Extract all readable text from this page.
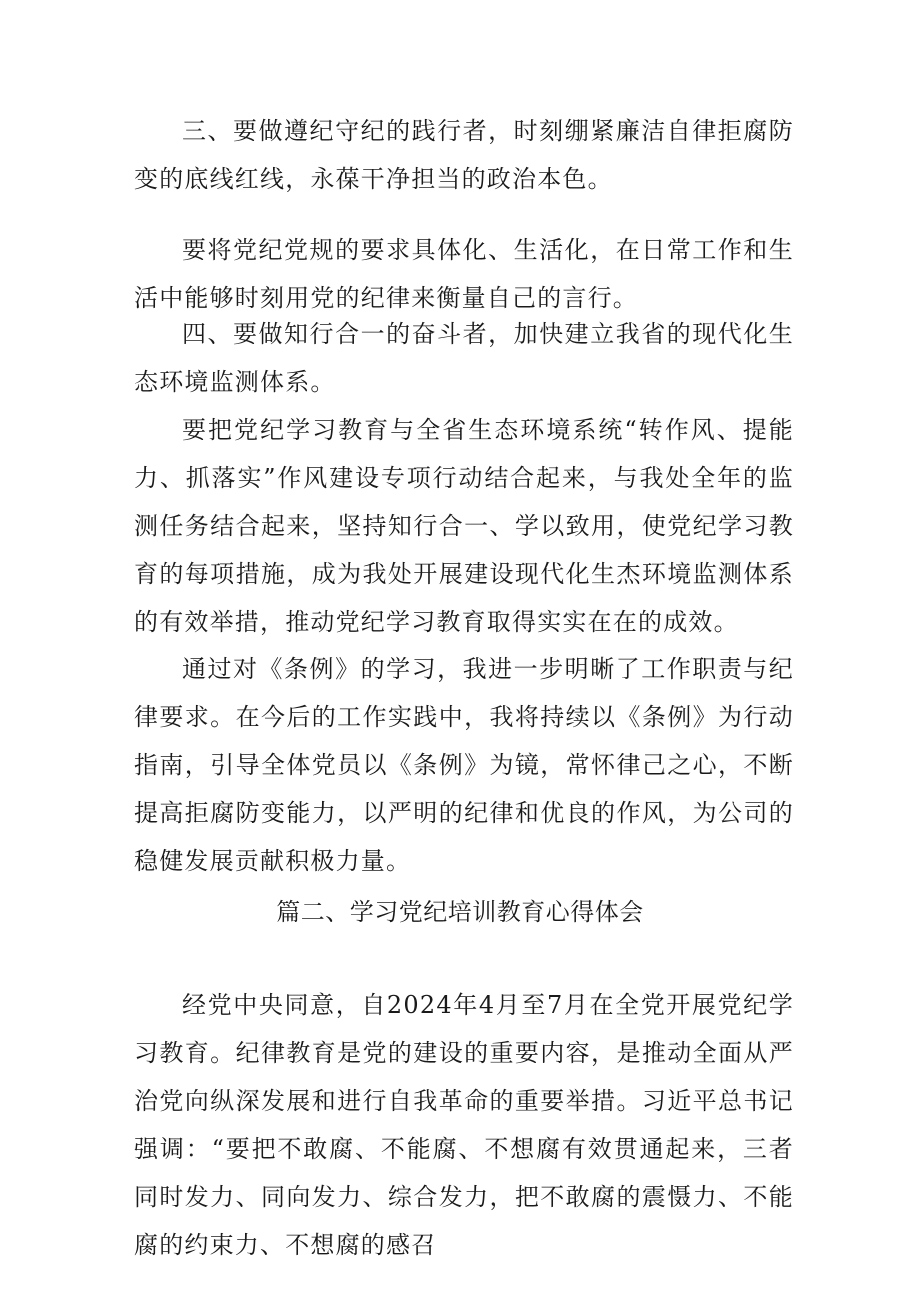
三、要做遵纪守纪的践行者，时刻绷紧廉洁自律拒腐防变的底线红线，永葆干净担当的政治本色。

要将党纪党规的要求具体化、生活化，在日常工作和生活中能够时刻用党的纪律来衡量自己的言行。

四、要做知行合一的奋斗者，加快建立我省的现代化生态环境监测体系。

要把党纪学习教育与全省生态环境系统“转作风、提能力、抓落实”作风建设专项行动结合起来，与我处全年的监测任务结合起来，坚持知行合一、学以致用，使党纪学习教育的每项措施，成为我处开展建设现代化生杰环境监测体系的有效举措，推动党纪学习教育取得实实在在的成效。

通过对《条例》的学习，我进一步明晰了工作职责与纪律要求。在今后的工作实践中，我将持续以《条例》为行动指南，引导全体党员以《条例》为镜，常怀律己之心，不断提高拒腐防变能力，以严明的纪律和优良的作风，为公司的稳健发展贡献积极力量。

篇二、学习党纪培训教育心得体会

经党中央同意，自2024年4月至7月在全党开展党纪学习教育。纪律教育是党的建设的重要内容，是推动全面从严治党向纵深发展和进行自我革命的重要举措。习近平总书记强调：“要把不敢腐、不能腐、不想腐有效贯通起来，三者同时发力、同向发力、综合发力，把不敢腐的震慑力、不能腐的约束力、不想腐的感召
